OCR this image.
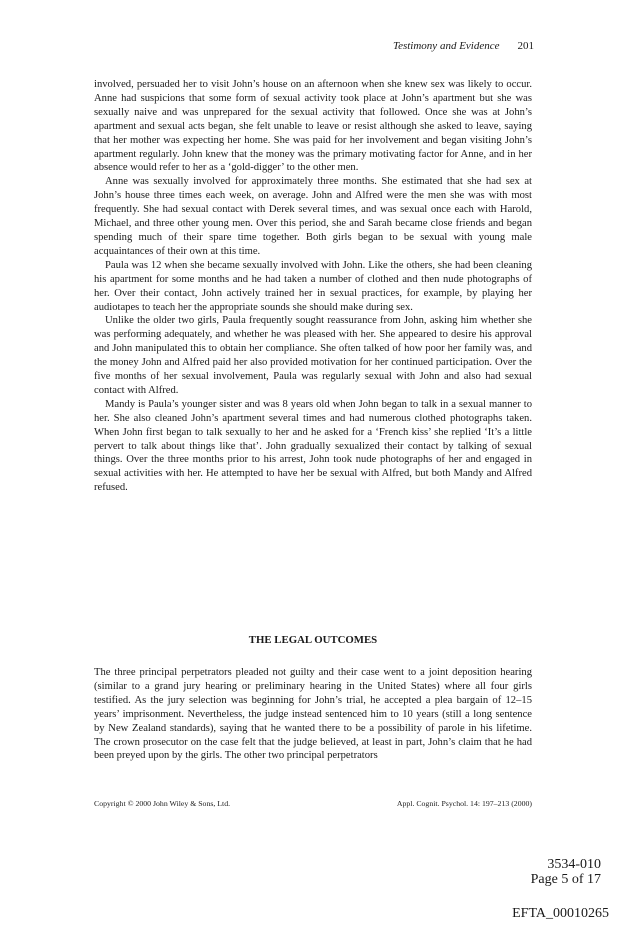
Testimony and Evidence 201

involved, persuaded her to visit John’s house on an afternoon when she knew sex was likely to occur. Anne had suspicions that some form of sexual activity took place at John’s apartment but she was sexually naive and was unprepared for the sexual activity that followed. Once she was at John’s apartment and sexual acts began, she felt unable to leave or resist although she asked to leave, saying that her mother was expecting her home. She was paid for her involvement and began visiting John’s apartment regularly. John knew that the money was the primary motivating factor for Anne, and in her absence would refer to her as a ‘gold-digger’ to the other men.

Anne was sexually involved for approximately three months. She estimated that she had sex at John’s house three times each week, on average. John and Alfred were the men she was with most frequently. She had sexual contact with Derek several times, and was sexual once each with Harold, Michael, and three other young men. Over this period, she and Sarah became close friends and began spending much of their spare time together. Both girls began to be sexual with young male acquaintances of their own at this time.

Paula was 12 when she became sexually involved with John. Like the others, she had been cleaning his apartment for some months and he had taken a number of clothed and then nude photographs of her. Over their contact, John actively trained her in sexual practices, for example, by playing her audiotapes to teach her the appropriate sounds she should make during sex.

Unlike the older two girls, Paula frequently sought reassurance from John, asking him whether she was performing adequately, and whether he was pleased with her. She appeared to desire his approval and John manipulated this to obtain her compliance. She often talked of how poor her family was, and the money John and Alfred paid her also provided motivation for her continued participation. Over the five months of her sexual involvement, Paula was regularly sexual with John and also had sexual contact with Alfred.

Mandy is Paula’s younger sister and was 8 years old when John began to talk in a sexual manner to her. She also cleaned John’s apartment several times and had numerous clothed photographs taken. When John first began to talk sexually to her and he asked for a ‘French kiss’ she replied ‘It’s a little pervert to talk about things like that’. John gradually sexualized their contact by talking of sexual things. Over the three months prior to his arrest, John took nude photographs of her and engaged in sexual activities with her. He attempted to have her be sexual with Alfred, but both Mandy and Alfred refused.

THE LEGAL OUTCOMES

The three principal perpetrators pleaded not guilty and their case went to a joint deposition hearing (similar to a grand jury hearing or preliminary hearing in the United States) where all four girls testified. As the jury selection was beginning for John’s trial, he accepted a plea bargain of 12–15 years’ imprisonment. Nevertheless, the judge instead sentenced him to 10 years (still a long sentence by New Zealand standards), saying that he wanted there to be a possibility of parole in his lifetime. The crown prosecutor on the case felt that the judge believed, at least in part, John’s claim that he had been preyed upon by the girls. The other two principal perpetrators

Copyright © 2000 John Wiley & Sons, Ltd.	Appl. Cognit. Psychol. 14: 197–213 (2000)
3534-010
Page 5 of 17
EFTA_00010265
